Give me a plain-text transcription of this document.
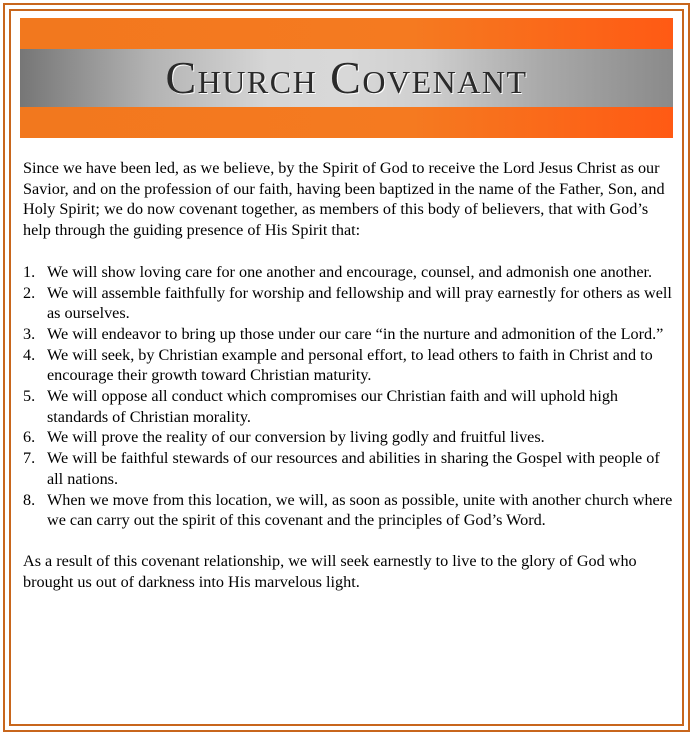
Church Covenant

Since we have been led, as we believe, by the Spirit of God to receive the Lord Jesus Christ as our Savior, and on the profession of our faith, having been baptized in the name of the Father, Son, and Holy Spirit; we do now covenant together, as members of this body of believers, that with God’s help through the guiding presence of His Spirit that:

1. We will show loving care for one another and encourage, counsel, and admonish one another.
2. We will assemble faithfully for worship and fellowship and will pray earnestly for others as well as ourselves.
3. We will endeavor to bring up those under our care “in the nurture and admonition of the Lord.”
4. We will seek, by Christian example and personal effort, to lead others to faith in Christ and to encourage their growth toward Christian maturity.
5. We will oppose all conduct which compromises our Christian faith and will uphold high standards of Christian morality.
6. We will prove the reality of our conversion by living godly and fruitful lives.
7. We will be faithful stewards of our resources and abilities in sharing the Gospel with people of all nations.
8. When we move from this location, we will, as soon as possible, unite with another church where we can carry out the spirit of this covenant and the principles of God’s Word.

As a result of this covenant relationship, we will seek earnestly to live to the glory of God who brought us out of darkness into His marvelous light.
